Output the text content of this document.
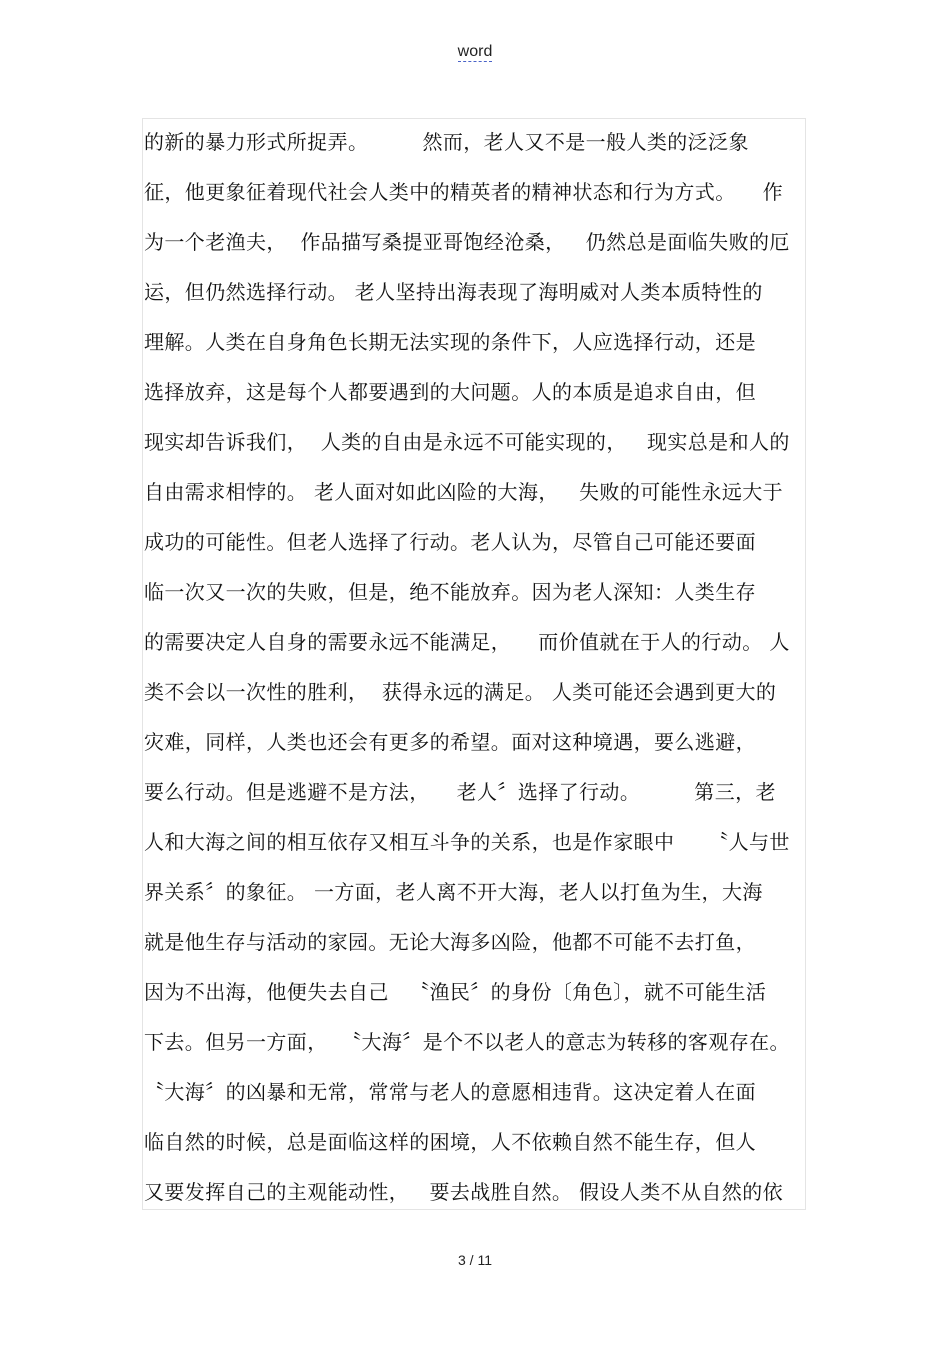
word
的新的暴力形式所捉弄。        然而，老人又不是一般人类的泛泛象
征，他更象征着现代社会人类中的精英者的精神状态和行为方式。    作
为一个老渔夫，  作品描写桑提亚哥饱经沧桑，   仍然总是面临失败的厄
运，但仍然选择行动。 老人坚持出海表现了海明威对人类本质特性的
理解。人类在自身角色长期无法实现的条件下，人应选择行动，还是
选择放弃，这是每个人都要遇到的大问题。人的本质是追求自由，但
现实却告诉我们，  人类的自由是永远不可能实现的，   现实总是和人的
自由需求相悖的。 老人面对如此凶险的大海，   失败的可能性永远大于
成功的可能性。但老人选择了行动。老人认为，尽管自己可能还要面
临一次又一次的失败，但是，绝不能放弃。因为老人深知：人类生存
的需要决定人自身的需要永远不能满足，    而价值就在于人的行动。 人
类不会以一次性的胜利，  获得永远的满足。 人类可能还会遇到更大的
灾难，同样，人类也还会有更多的希望。面对这种境遇，要么逃避，
要么行动。但是逃避不是方法，    老人〞选择了行动。        第三，老
人和大海之间的相互依存又相互斗争的关系，也是作家眼中     〝人与世
界关系〞的象征。 一方面，老人离不开大海，老人以打鱼为生，大海
就是他生存与活动的家园。无论大海多凶险，他都不可能不去打鱼，
因为不出海，他便失去自己   〝渔民〞的身份〔角色〕，就不可能生活
下去。但另一方面，  〝大海〞是个不以老人的意志为转移的客观存在。
〝大海〞的凶暴和无常，常常与老人的意愿相违背。这决定着人在面
临自然的时候，总是面临这样的困境，人不依赖自然不能生存，但人
又要发挥自己的主观能动性，   要去战胜自然。 假设人类不从自然的依
3 / 11
